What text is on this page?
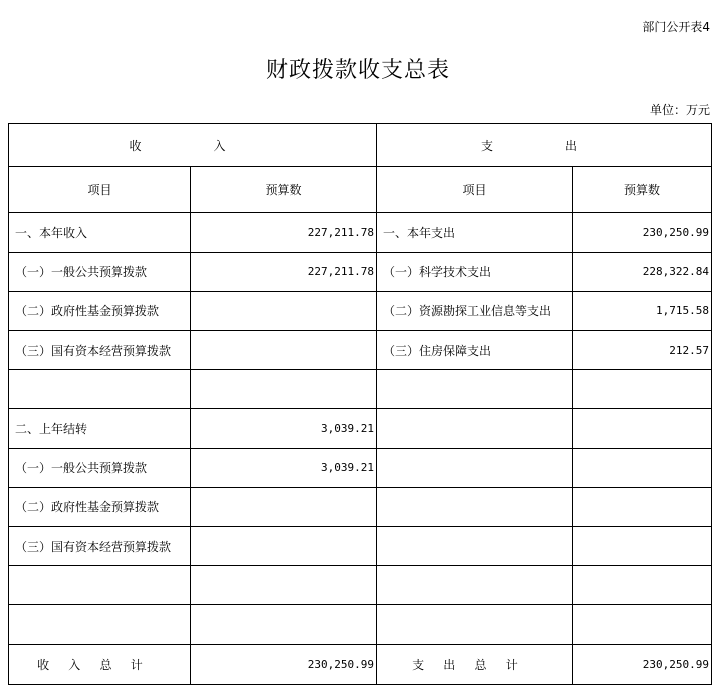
部门公开表4
财政拨款收支总表
单位：万元
收　入		支　出	
项目	预算数	项目	预算数
一、本年收入	227,211.78	一、本年支出	230,250.99
（一）一般公共预算拨款	227,211.78	（一）科学技术支出	228,322.84
（二）政府性基金预算拨款		（二）资源勘探工业信息等支出	1,715.58
（三）国有资本经营预算拨款		（三）住房保障支出	212.57

二、上年结转	3,039.21		
（一）一般公共预算拨款	3,039.21		
（二）政府性基金预算拨款			
（三）国有资本经营预算拨款			

收入总计	230,250.99	支出总计	230,250.99
